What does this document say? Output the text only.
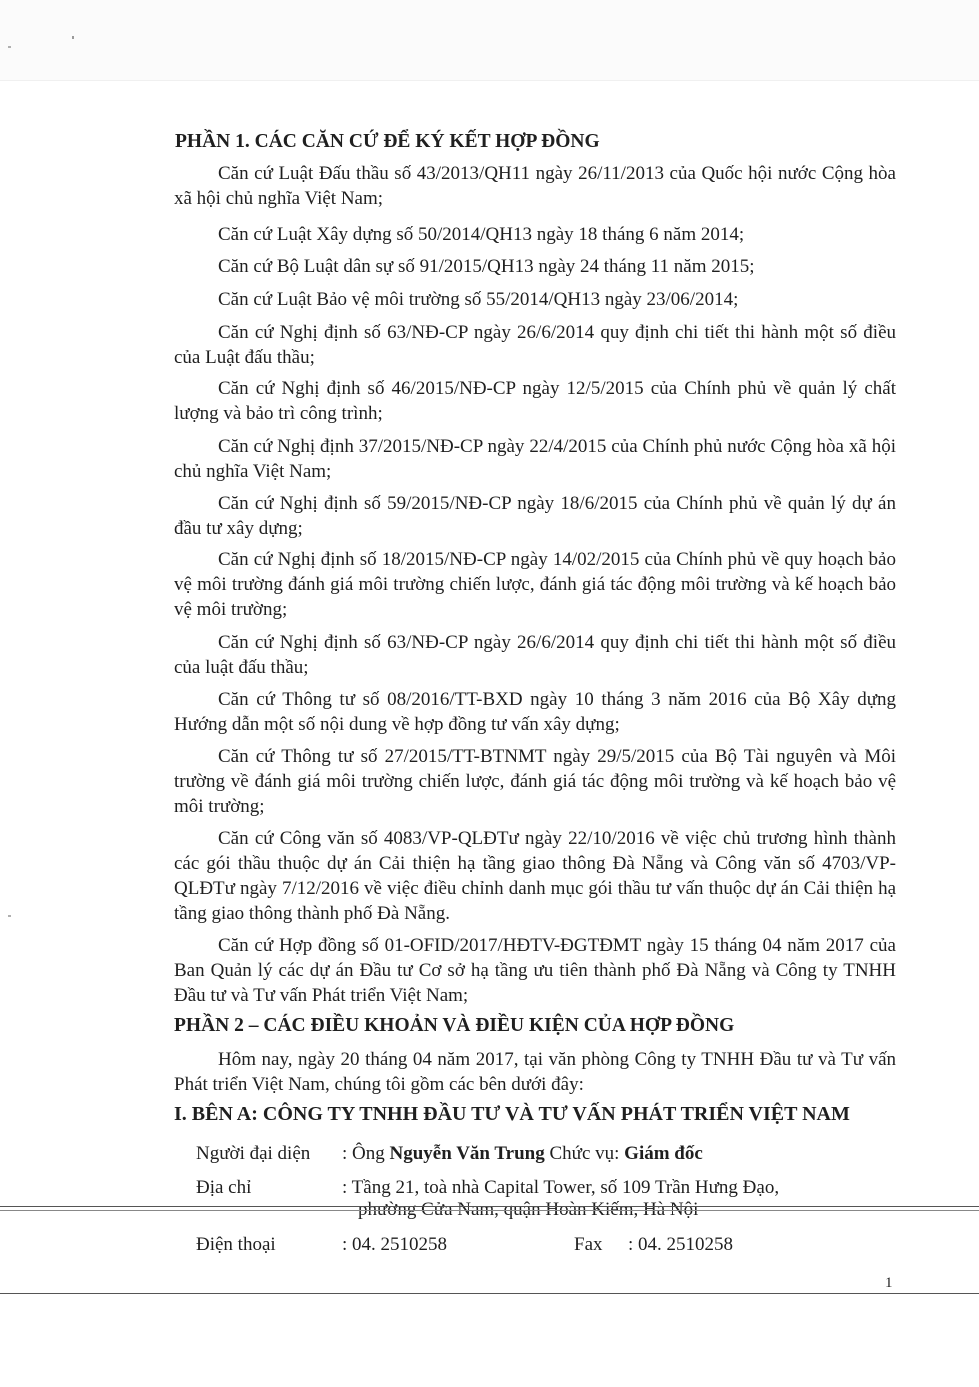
PHẦN 1. CÁC CĂN CỨ ĐỂ KÝ KẾT HỢP ĐỒNG
Căn cứ Luật Đấu thầu số 43/2013/QH11 ngày 26/11/2013 của Quốc hội nước Cộng hòa xã hội chủ nghĩa Việt Nam;
Căn cứ Luật Xây dựng số 50/2014/QH13 ngày 18 tháng 6 năm 2014;
Căn cứ Bộ Luật dân sự số 91/2015/QH13 ngày 24 tháng 11 năm 2015;
Căn cứ Luật Bảo vệ môi trường số 55/2014/QH13 ngày 23/06/2014;
Căn cứ Nghị định số 63/NĐ-CP ngày 26/6/2014 quy định chi tiết thi hành một số điều của Luật đấu thầu;
Căn cứ Nghị định số 46/2015/NĐ-CP ngày 12/5/2015 của Chính phủ về quản lý chất lượng và bảo trì công trình;
Căn cứ Nghị định 37/2015/NĐ-CP ngày 22/4/2015 của Chính phủ nước Cộng hòa xã hội chủ nghĩa Việt Nam;
Căn cứ Nghị định số 59/2015/NĐ-CP ngày 18/6/2015 của Chính phủ về quản lý dự án đầu tư xây dựng;
Căn cứ Nghị định số 18/2015/NĐ-CP ngày 14/02/2015 của Chính phủ về quy hoạch bảo vệ môi trường đánh giá môi trường chiến lược, đánh giá tác động môi trường và kế hoạch bảo vệ môi trường;
Căn cứ Nghị định số 63/NĐ-CP ngày 26/6/2014 quy định chi tiết thi hành một số điều của luật đấu thầu;
Căn cứ Thông tư số 08/2016/TT-BXD ngày 10 tháng 3 năm 2016 của Bộ Xây dựng Hướng dẫn một số nội dung về hợp đồng tư vấn xây dựng;
Căn cứ Thông tư số 27/2015/TT-BTNMT ngày 29/5/2015 của Bộ Tài nguyên và Môi trường về đánh giá môi trường chiến lược, đánh giá tác động môi trường và kế hoạch bảo vệ môi trường;
Căn cứ Công văn số 4083/VP-QLĐTư ngày 22/10/2016 về việc chủ trương hình thành các gói thầu thuộc dự án Cải thiện hạ tầng giao thông Đà Nẵng và Công văn số 4703/VP-QLĐTư ngày 7/12/2016 về việc điều chỉnh danh mục gói thầu tư vấn thuộc dự án Cải thiện hạ tầng giao thông thành phố Đà Nẵng.
Căn cứ Hợp đồng số 01-OFID/2017/HĐTV-ĐGTĐMT ngày 15 tháng 04 năm 2017 của Ban Quản lý các dự án Đầu tư Cơ sở hạ tầng ưu tiên thành phố Đà Nẵng và Công ty TNHH Đầu tư và Tư vấn Phát triển Việt Nam;
PHẦN 2 – CÁC ĐIỀU KHOẢN VÀ ĐIỀU KIỆN CỦA HỢP ĐỒNG
Hôm nay, ngày 20 tháng 04 năm 2017, tại văn phòng Công ty TNHH Đầu tư và Tư vấn Phát triển Việt Nam, chúng tôi gồm các bên dưới đây:
I. BÊN A: CÔNG TY TNHH ĐẦU TƯ VÀ TƯ VẤN PHÁT TRIỂN VIỆT NAM
Người đại diện : Ông Nguyễn Văn Trung Chức vụ: Giám đốc
Địa chỉ	: Tầng 21, toà nhà Capital Tower, số 109 Trần Hưng Đạo,
Điện thoại	: 04. 2510258	Fax : 04. 2510258
1
